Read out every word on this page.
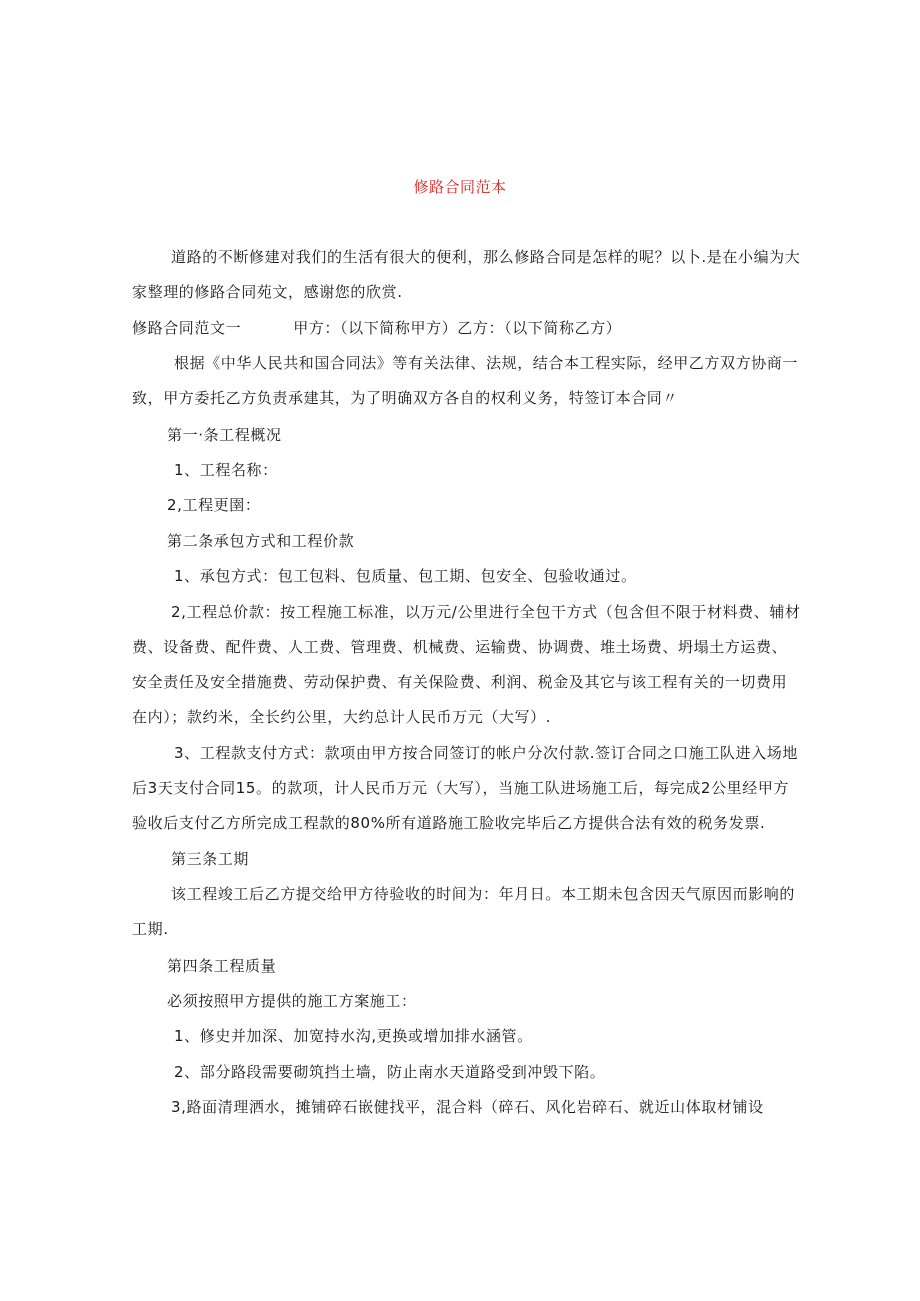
修路合同范本
道路的不断修建对我们的生活有很大的便利，那么修路合同是怎样的呢？以卜.是在小编为大
家整理的修路合同苑文，感谢您的欣赏.
修路合同范文一	甲方：（以下简称甲方）乙方：（以下简称乙方）
根据《中华人民共和国合同法》等有关法律、法规，结合本工程实际，经甲乙方双方协商一
致，甲方委托乙方负责承建其，为了明确双方各自的权利义务，特签订本合同〃
第一·条工程概况
1、工程名称：
2,工程更圉：
第二条承包方式和工程价款
1、承包方式：包工包料、包质量、包工期、包安全、包验收通过。
2,工程总价款：按工程施工标准，以万元/公里进行全包干方式（包含但不限于材料费、辅材
费、设备费、配件费、人工费、管理费、机械费、运输费、协调费、堆土场费、坍塌土方运费、
安全责任及安全措施费、劳动保护费、有关保险费、利润、税金及其它与该工程有关的一切费用
在内）；款约米，全长约公里，大约总计人民币万元（大写）.
3、工程款支付方式：款项由甲方按合同签订的帐户分次付款.签订合同之口施工队进入场地
后3天支付合同15。的款项，计人民币万元（大写），当施工队进场施工后，每完成2公里经甲方
验收后支付乙方所完成工程款的80%所有道路施工脸收完毕后乙方提供合法有效的税务发票.
第三条工期
该工程竣工后乙方提交给甲方待验收的时间为：年月日。本工期未包含因天气原因而影响的
工期.
第四条工程质量
必须按照甲方提供的施工方案施工：
1、修史并加深、加宽持水沟,更换或增加排水涵管。
2、部分路段需要砌筑挡土墙，防止南水天道路受到冲毁下陷。
3,路面清理洒水，摊铺碎石嵌健找平，混合料（碎石、风化岩碎石、就近山体取材铺设
